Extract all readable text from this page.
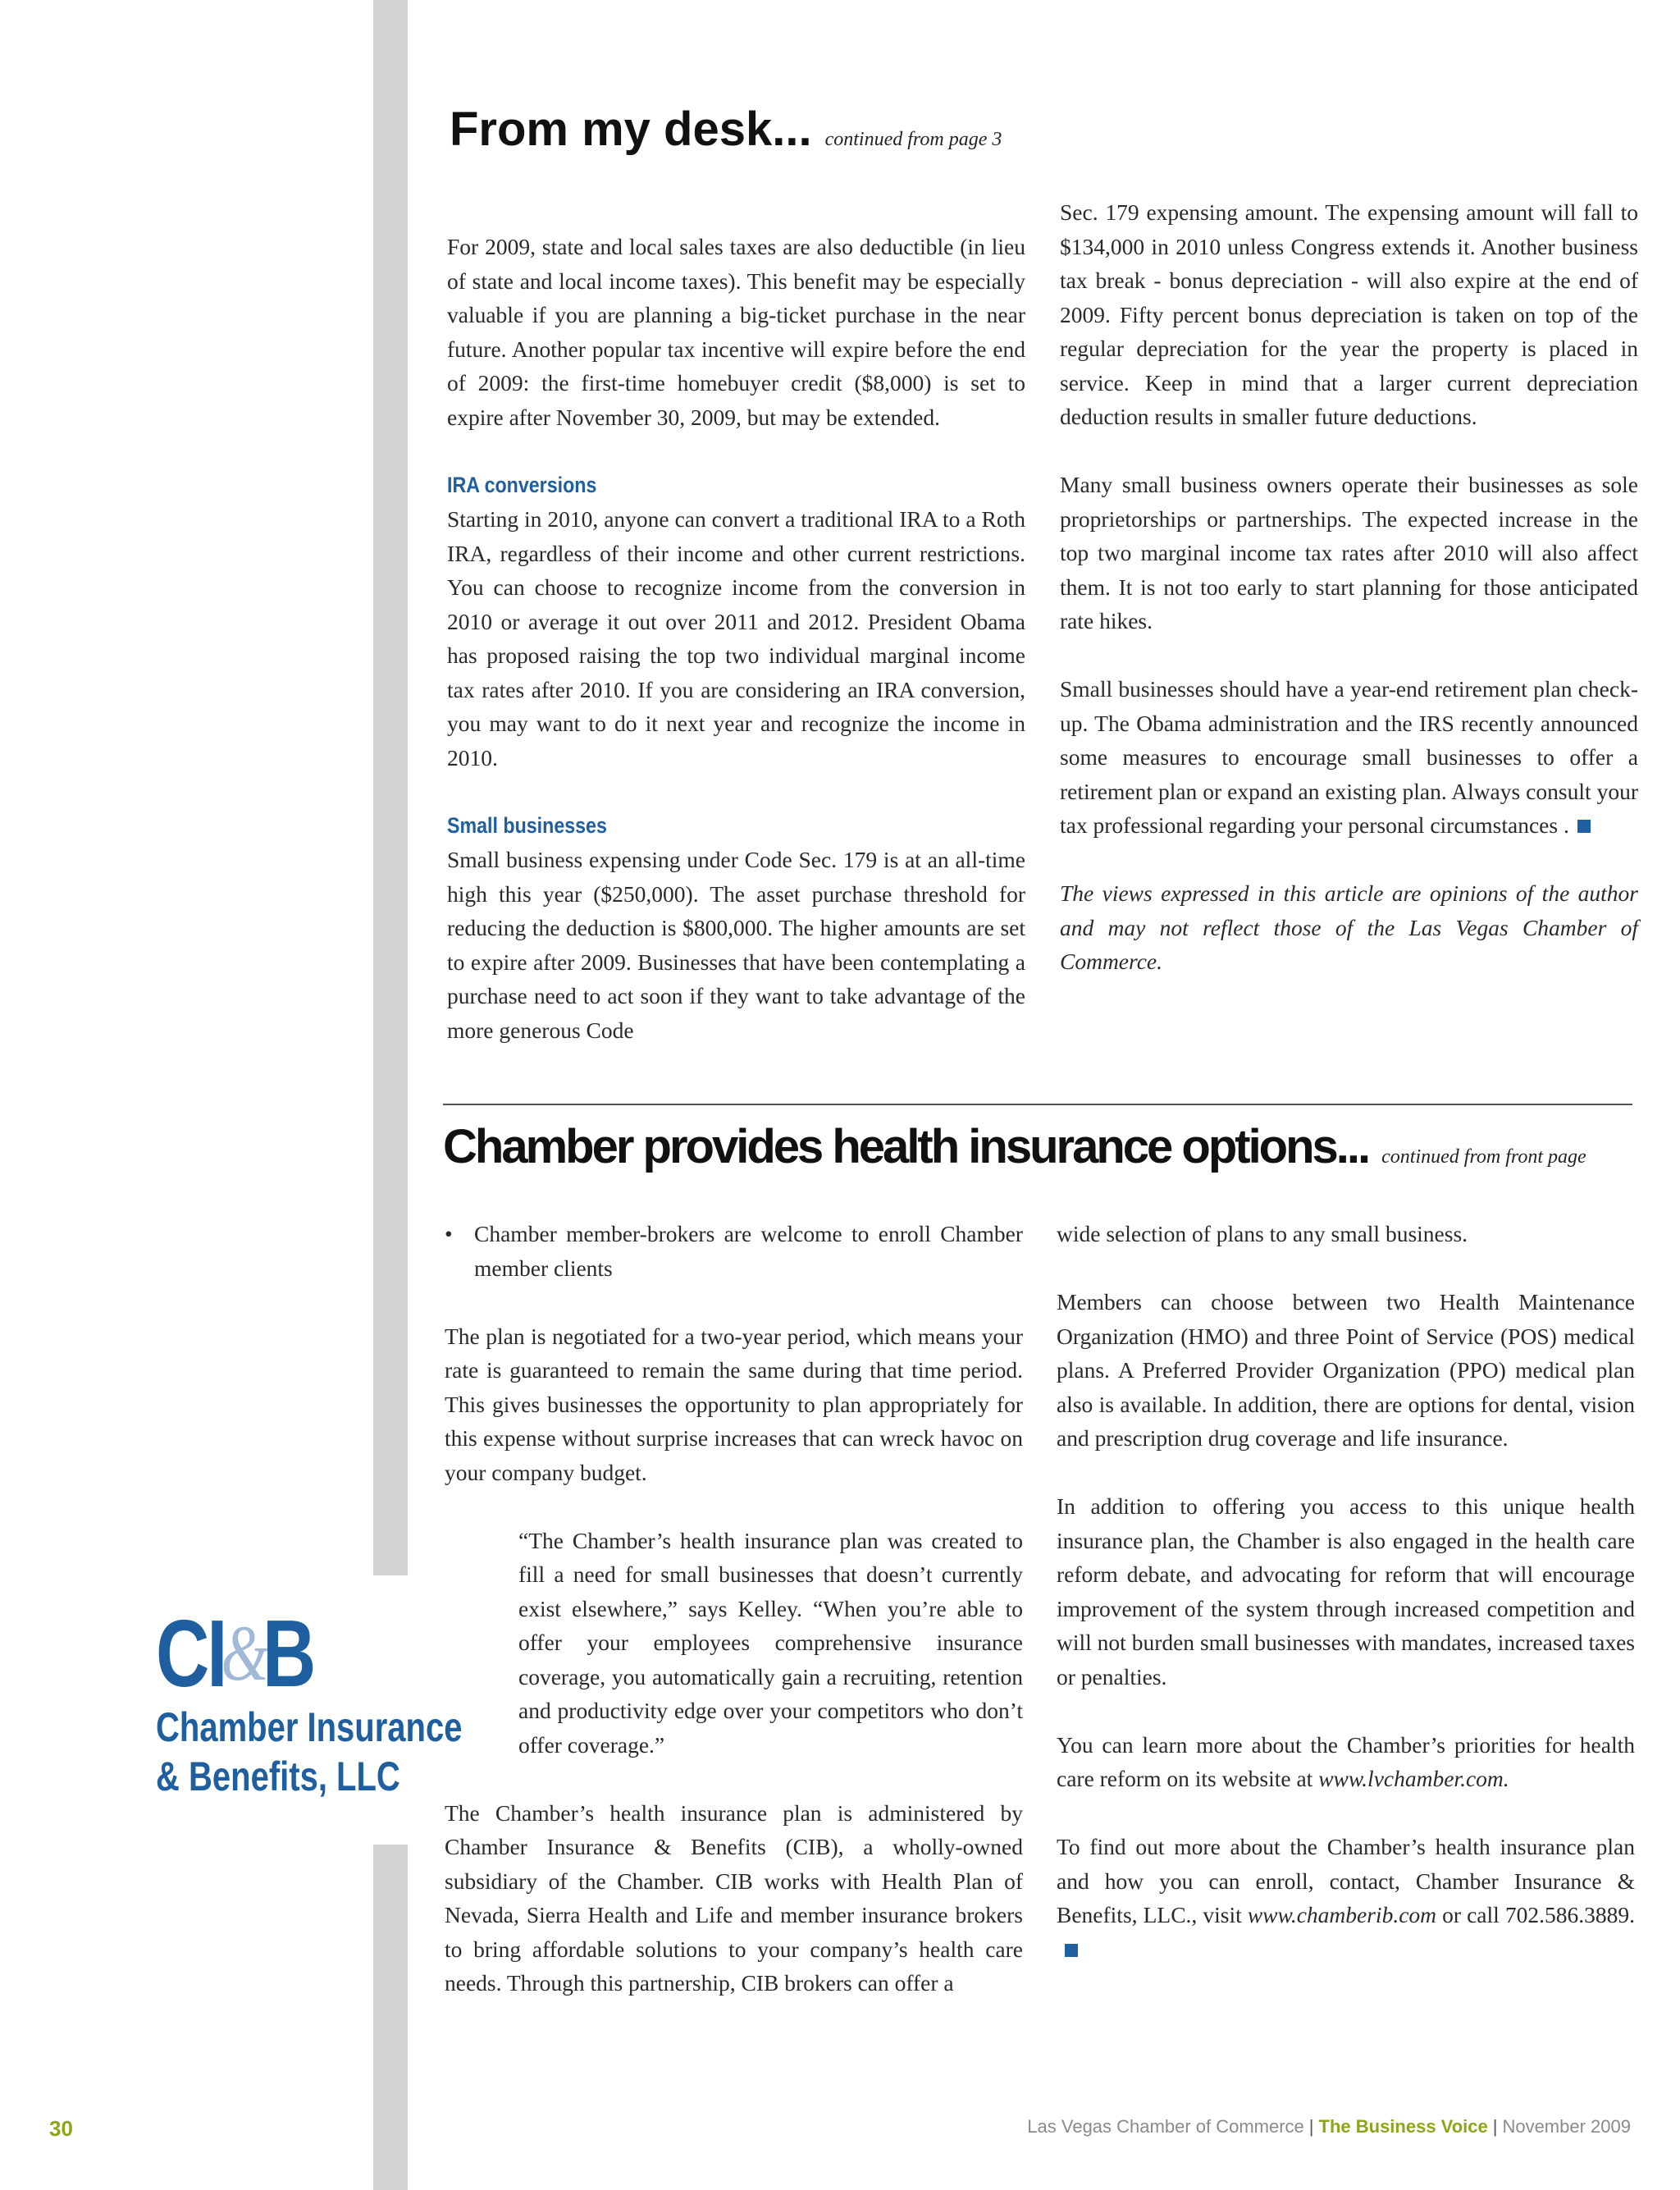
From my desk... continued from page 3

For 2009, state and local sales taxes are also deductible (in lieu of state and local income taxes). This benefit may be especially valuable if you are planning a big-ticket purchase in the near future. Another popular tax incentive will expire before the end of 2009: the first-time homebuyer credit ($8,000) is set to expire after November 30, 2009, but may be extended.

IRA conversions

Starting in 2010, anyone can convert a traditional IRA to a Roth IRA, regardless of their income and other current restrictions. You can choose to recognize income from the conversion in 2010 or average it out over 2011 and 2012. President Obama has proposed raising the top two individual marginal income tax rates after 2010. If you are considering an IRA conversion, you may want to do it next year and recognize the income in 2010.

Small businesses

Small business expensing under Code Sec. 179 is at an all-time high this year ($250,000). The asset purchase threshold for reducing the deduction is $800,000. The higher amounts are set to expire after 2009. Businesses that have been contemplating a purchase need to act soon if they want to take advantage of the more generous Code

Sec. 179 expensing amount. The expensing amount will fall to $134,000 in 2010 unless Congress extends it. Another business tax break - bonus depreciation - will also expire at the end of 2009. Fifty percent bonus depreciation is taken on top of the regular depreciation for the year the property is placed in service. Keep in mind that a larger current depreciation deduction results in smaller future deductions.

Many small business owners operate their businesses as sole proprietorships or partnerships. The expected increase in the top two marginal income tax rates after 2010 will also affect them. It is not too early to start planning for those anticipated rate hikes.

Small businesses should have a year-end retirement plan check-up. The Obama administration and the IRS recently announced some measures to encourage small businesses to offer a retirement plan or expand an existing plan. Always consult your tax professional regarding your personal circumstances .

The views expressed in this article are opinions of the author and may not reflect those of the Las Vegas Chamber of Commerce.

Chamber provides health insurance options... continued from front page
• Chamber member-brokers are welcome to enroll Chamber member clients

The plan is negotiated for a two-year period, which means your rate is guaranteed to remain the same during that time period. This gives businesses the opportunity to plan appropriately for this expense without surprise increases that can wreck havoc on your company budget.

“The Chamber’s health insurance plan was created to fill a need for small businesses that doesn’t currently exist elsewhere,” says Kelley. “When you’re able to offer your employees comprehensive insurance coverage, you automatically gain a recruiting, retention and productivity edge over your competitors who don’t offer coverage.”

The Chamber’s health insurance plan is administered by Chamber Insurance & Benefits (CIB), a wholly-owned subsidiary of the Chamber. CIB works with Health Plan of Nevada, Sierra Health and Life and member insurance brokers to bring affordable solutions to your company’s health care needs. Through this partnership, CIB brokers can offer a

wide selection of plans to any small business.

Members can choose between two Health Maintenance Organization (HMO) and three Point of Service (POS) medical plans. A Preferred Provider Organization (PPO) medical plan also is available. In addition, there are options for dental, vision and prescription drug coverage and life insurance.

In addition to offering you access to this unique health insurance plan, the Chamber is also engaged in the health care reform debate, and advocating for reform that will encourage improvement of the system through increased competition and will not burden small businesses with mandates, increased taxes or penalties.

You can learn more about the Chamber’s priorities for health care reform on its website at www.lvchamber.com.

To find out more about the Chamber’s health insurance plan and how you can enroll, contact, Chamber Insurance & Benefits, LLC., visit www.chamberib.com or call 702.586.3889.

CI
&
B
Chamber Insurance
& Benefits, LLC
30	Las Vegas Chamber of Commerce | The Business Voice | November 2009
